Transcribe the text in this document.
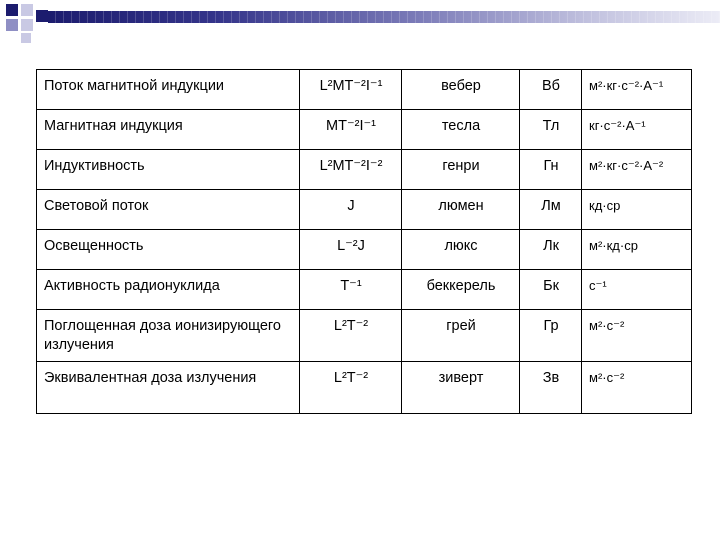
Поток магнитной индукции	L²MT⁻²I⁻¹	вебер	Вб	м²·кг·с⁻²·А⁻¹
Магнитная индукция	MT⁻²I⁻¹	тесла	Тл	кг·с⁻²·А⁻¹
Индуктивность	L²MT⁻²I⁻²	генри	Гн	м²·кг·с⁻²·А⁻²
Световой поток	J	люмен	Лм	кд·ср
Освещенность	L⁻²J	люкс	Лк	м²·кд·ср
Активность радионуклида	T⁻¹	беккерель	Бк	с⁻¹
Поглощенная доза ионизирующего излучения	L²T⁻²	грей	Гр	м²·с⁻²
Эквивалентная доза излучения	L²T⁻²	зиверт	Зв	м²·с⁻²
